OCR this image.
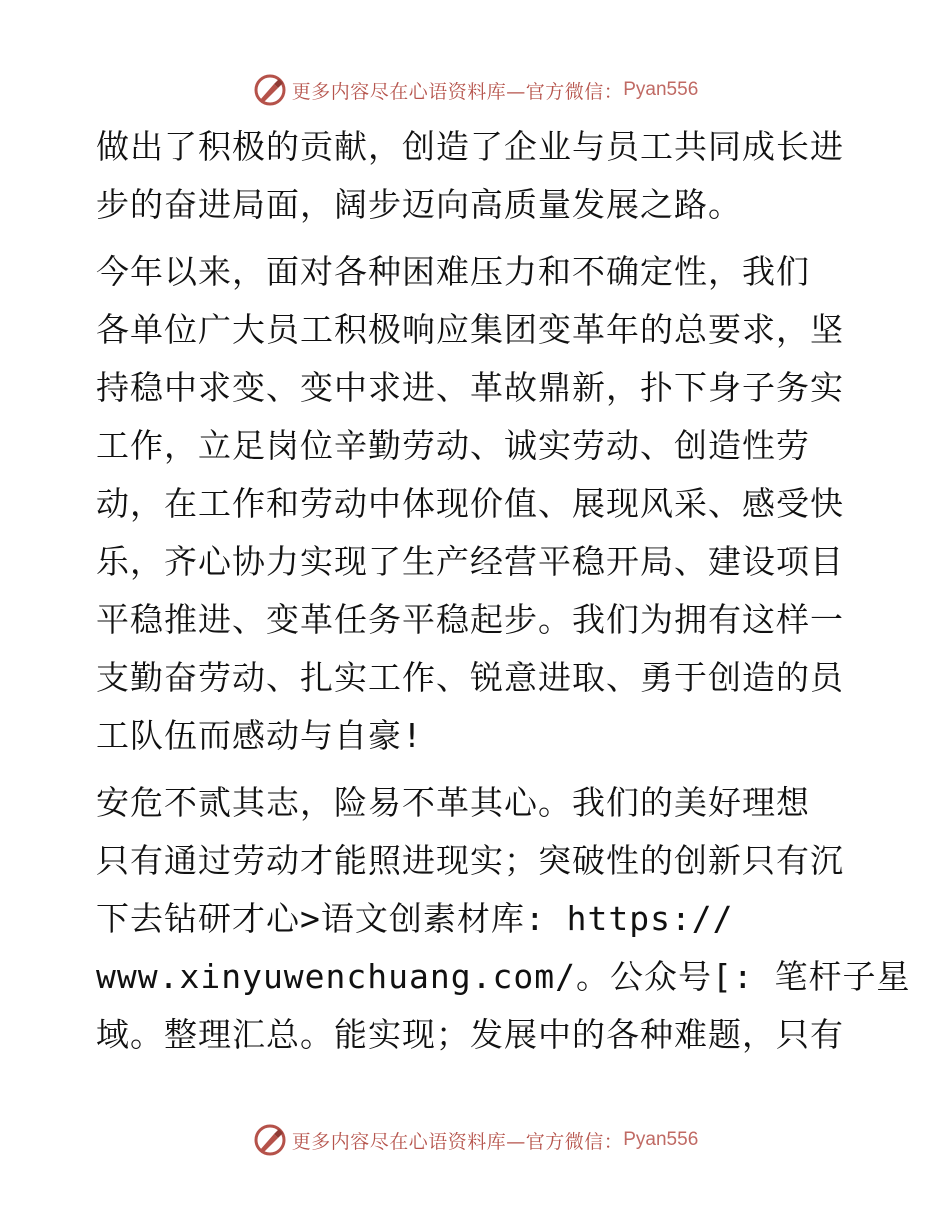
更多内容尽在心语资料库—官方微信： Pyan556

做出了积极的贡献，创造了企业与员工共同成长进
步的奋进局面，阔步迈向高质量发展之路。

今年以来，面对各种困难压力和不确定性，我们
各单位广大员工积极响应集团变革年的总要求，坚
持稳中求变、变中求进、革故鼎新，扑下身子务实
工作，立足岗位辛勤劳动、诚实劳动、创造性劳
动，在工作和劳动中体现价值、展现风采、感受快
乐，齐心协力实现了生产经营平稳开局、建设项目
平稳推进、变革任务平稳起步。我们为拥有这样一
支勤奋劳动、扎实工作、锐意进取、勇于创造的员
工队伍而感动与自豪!

安危不贰其志，险易不革其心。我们的美好理想
只有通过劳动才能照进现实；突破性的创新只有沉
下去钻研才心>语文创素材库: https://
www.xinyuwenchuang.com/。公众号[: 笔杆子星
域。整理汇总。能实现；发展中的各种难题，只有

更多内容尽在心语资料库—官方微信： Pyan556
